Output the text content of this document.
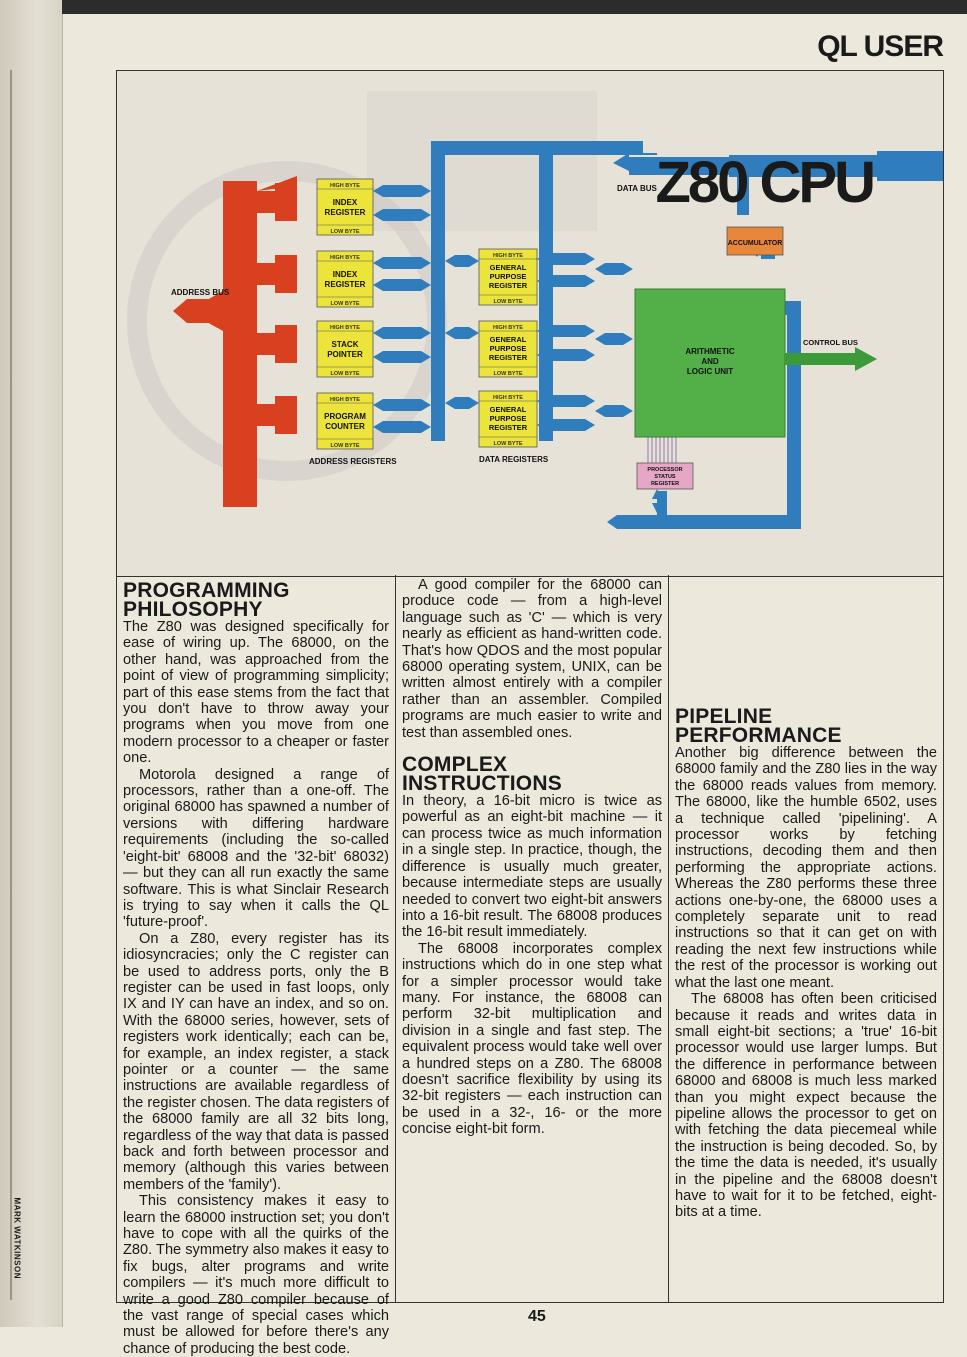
MARK WATKINSON
QL USER

ADDRESS BUS
HIGH BYTE
LOW BYTE
HIGH BYTE
LOW BYTE
HIGH BYTE
LOW BYTE
HIGH BYTE
LOW BYTE
INDEX
REGISTER
INDEX
REGISTER
STACK
POINTER
PROGRAM
COUNTER
ADDRESS REGISTERS
HIGH BYTE
LOW BYTE
HIGH BYTE
LOW BYTE
HIGH BYTE
LOW BYTE
GENERAL
PURPOSE
REGISTER
GENERAL
PURPOSE
REGISTER
GENERAL
PURPOSE
REGISTER
DATA REGISTERS
DATA BUS
ACCUMULATOR
ARITHMETIC
AND
LOGIC UNIT
PROCESSOR
STATUS
REGISTER
CONTROL BUS
Z80 CPU
PROGRAMMING PHILOSOPHY

The Z80 was designed specifically for ease of wiring up. The 68000, on the other hand, was approached from the point of view of programming simplicity; part of this ease stems from the fact that you don't have to throw away your programs when you move from one modern processor to a cheaper or faster one.

Motorola designed a range of processors, rather than a one-off. The original 68000 has spawned a number of versions with differing hardware requirements (including the so-called 'eight-bit' 68008 and the '32-bit' 68032) — but they can all run exactly the same software. This is what Sinclair Research is trying to say when it calls the QL 'future-proof'.

On a Z80, every register has its idiosyncracies; only the C register can be used to address ports, only the B register can be used in fast loops, only IX and IY can have an index, and so on. With the 68000 series, however, sets of registers work identically; each can be, for example, an index register, a stack pointer or a counter — the same instructions are available regardless of the register chosen. The data registers of the 68000 family are all 32 bits long, regardless of the way that data is passed back and forth between processor and memory (although this varies between members of the 'family').

This consistency makes it easy to learn the 68000 instruction set; you don't have to cope with all the quirks of the Z80. The symmetry also makes it easy to fix bugs, alter programs and write compilers — it's much more difficult to write a good Z80 compiler because of the vast range of special cases which must be allowed for before there's any chance of producing the best code.

A good compiler for the 68000 can produce code — from a high-level language such as 'C' — which is very nearly as efficient as hand-written code. That's how QDOS and the most popular 68000 operating system, UNIX, can be written almost entirely with a compiler rather than an assembler. Compiled programs are much easier to write and test than assembled ones.

COMPLEX INSTRUCTIONS

In theory, a 16-bit micro is twice as powerful as an eight-bit machine — it can process twice as much information in a single step. In practice, though, the difference is usually much greater, because intermediate steps are usually needed to convert two eight-bit answers into a 16-bit result. The 68008 produces the 16-bit result immediately.

The 68008 incorporates complex instructions which do in one step what for a simpler processor would take many. For instance, the 68008 can perform 32-bit multiplication and division in a single and fast step. The equivalent process would take well over a hundred steps on a Z80. The 68008 doesn't sacrifice flexibility by using its 32-bit registers — each instruction can be used in a 32-, 16- or the more concise eight-bit form.

PIPELINE PERFORMANCE

Another big difference between the 68000 family and the Z80 lies in the way the 68000 reads values from memory. The 68000, like the humble 6502, uses a technique called 'pipelining'. A processor works by fetching instructions, decoding them and then performing the appropriate actions. Whereas the Z80 performs these three actions one-by-one, the 68000 uses a completely separate unit to read instructions so that it can get on with reading the next few instructions while the rest of the processor is working out what the last one meant.

The 68008 has often been criticised because it reads and writes data in small eight-bit sections; a 'true' 16-bit processor would use larger lumps. But the difference in performance between 68000 and 68008 is much less marked than you might expect because the pipeline allows the processor to get on with fetching the data piecemeal while the instruction is being decoded. So, by the time the data is needed, it's usually in the pipeline and the 68008 doesn't have to wait for it to be fetched, eight-bits at a time.

45
